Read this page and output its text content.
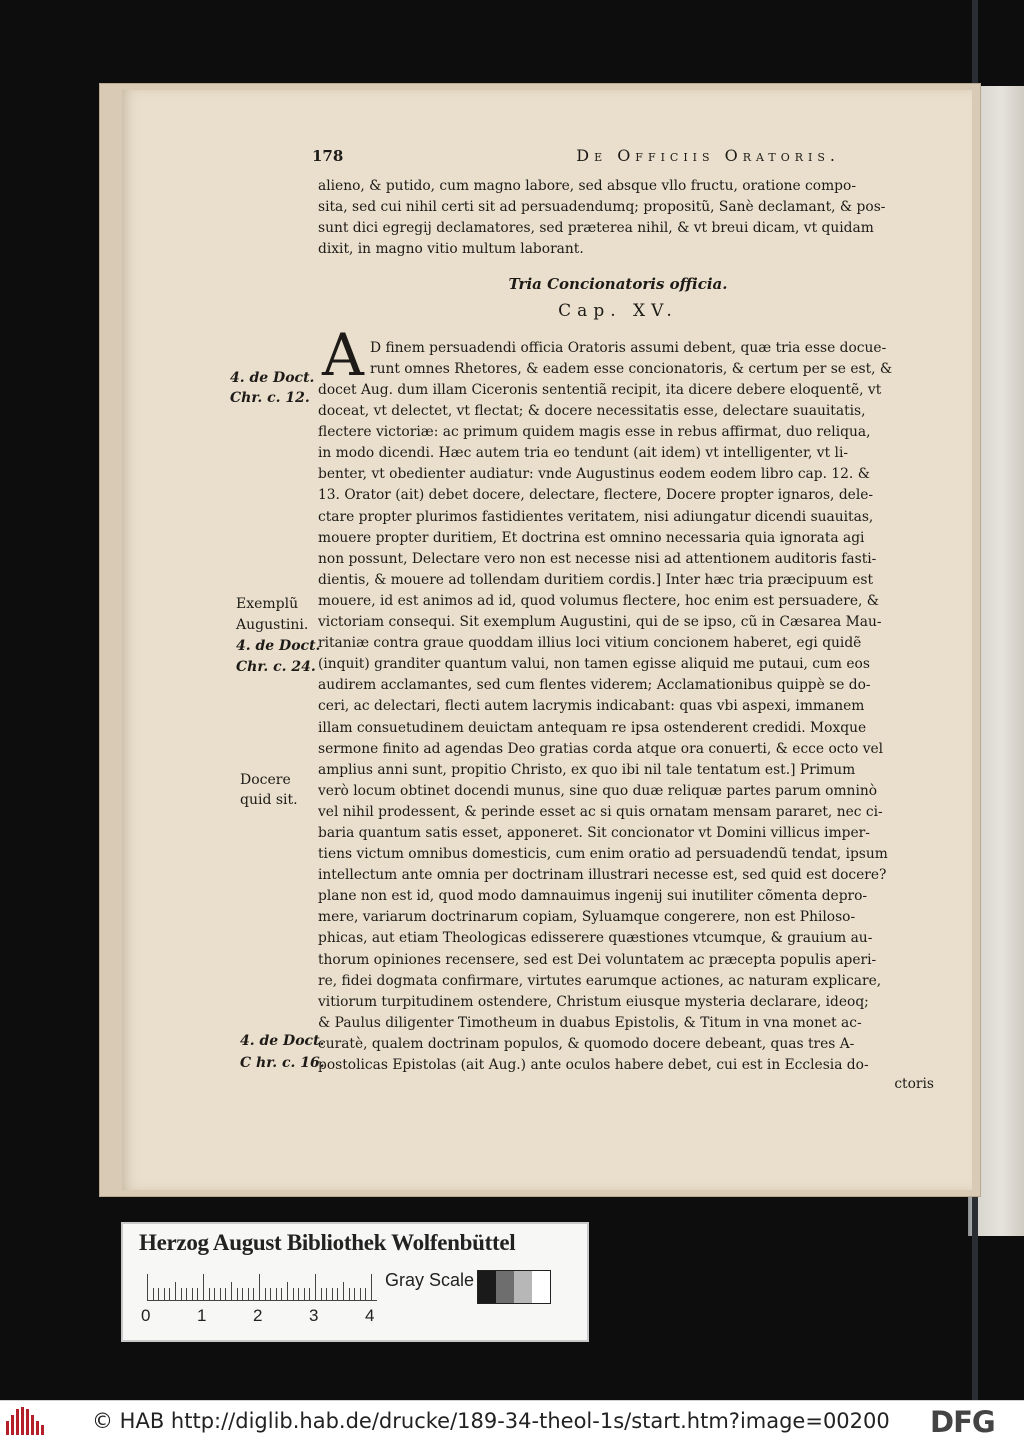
178	De Officiis Oratoris.
alieno, & putido, cum magno labore, sed absque vllo fructu, oratione compo-
sita, sed cui nihil certi sit ad persuadendumq; propositũ, Sanè declamant, & pos-
sunt dici egregij declamatores, sed præterea nihil, & vt breui dicam, vt quidam
dixit, in magno vitio multum laborant.
Tria Concionatoris officia.
Cap. XV.
A D finem persuadendi officia Oratoris assumi debent, quæ tria esse docue-
runt omnes Rhetores, & eadem esse concionatoris, & certum per se est, &
docet Aug. dum illam Ciceronis sententiã recipit, ita dicere debere eloquentẽ, vt
doceat, vt delectet, vt flectat; & docere necessitatis esse, delectare suauitatis,
flectere victoriæ: ac primum quidem magis esse in rebus affirmat, duo reliqua,
in modo dicendi. Hæc autem tria eo tendunt (ait idem) vt intelligenter, vt li-
benter, vt obedienter audiatur: vnde Augustinus eodem eodem libro cap. 12. &
13. Orator (ait) debet docere, delectare, flectere, Docere propter ignaros, dele-
ctare propter plurimos fastidientes veritatem, nisi adiungatur dicendi suauitas,
mouere propter duritiem, Et doctrina est omnino necessaria quia ignorata agi
non possunt, Delectare vero non est necesse nisi ad attentionem auditoris fasti-
dientis, & mouere ad tollendam duritiem cordis.] Inter hæc tria præcipuum est
mouere, id est animos ad id, quod volumus flectere, hoc enim est persuadere, &
victoriam consequi. Sit exemplum Augustini, qui de se ipso, cũ in Cæsarea Mau-
ritaniæ contra graue quoddam illius loci vitium concionem haberet, egi quidẽ
(inquit) granditer quantum valui, non tamen egisse aliquid me putaui, cum eos
audirem acclamantes, sed cum flentes viderem; Acclamationibus quippè se do-
ceri, ac delectari, flecti autem lacrymis indicabant: quas vbi aspexi, immanem
illam consuetudinem deuictam antequam re ipsa ostenderent credidi. Moxque
sermone finito ad agendas Deo gratias corda atque ora conuerti, & ecce octo vel
amplius anni sunt, propitio Christo, ex quo ibi nil tale tentatum est.] Primum
verò locum obtinet docendi munus, sine quo duæ reliquæ partes parum omninò
vel nihil prodessent, & perinde esset ac si quis ornatam mensam pararet, nec ci-
baria quantum satis esset, apponeret. Sit concionator vt Domini villicus imper-
tiens victum omnibus domesticis, cum enim oratio ad persuadendũ tendat, ipsum
intellectum ante omnia per doctrinam illustrari necesse est, sed quid est docere?
plane non est id, quod modo damnauimus ingenij sui inutiliter cõmenta depro-
mere, variarum doctrinarum copiam, Syluamque congerere, non est Philoso-
phicas, aut etiam Theologicas edisserere quæstiones vtcumque, & grauium au-
thorum opiniones recensere, sed est Dei voluntatem ac præcepta populis aperi-
re, fidei dogmata confirmare, virtutes earumque actiones, ac naturam explicare,
vitiorum turpitudinem ostendere, Christum eiusque mysteria declarare, ideoq;
& Paulus diligenter Timotheum in duabus Epistolis, & Titum in vna monet ac-
curatè, qualem doctrinam populos, & quomodo docere debeant, quas tres A-
postolicas Epistolas (ait Aug.) ante oculos habere debet, cui est in Ecclesia do-
ctoris
4. de Doct.
Chr. c. 12.
Exemplũ
Augustini.
4. de Doct.
Chr. c. 24.
Docere
quid sit.
4. de Doct.
C hr. c. 16.
Herzog August Bibliothek Wolfenbüttel
0	1	2	3	4
Gray Scale
© HAB http://diglib.hab.de/drucke/189-34-theol-1s/start.htm?image=00200 DFG
